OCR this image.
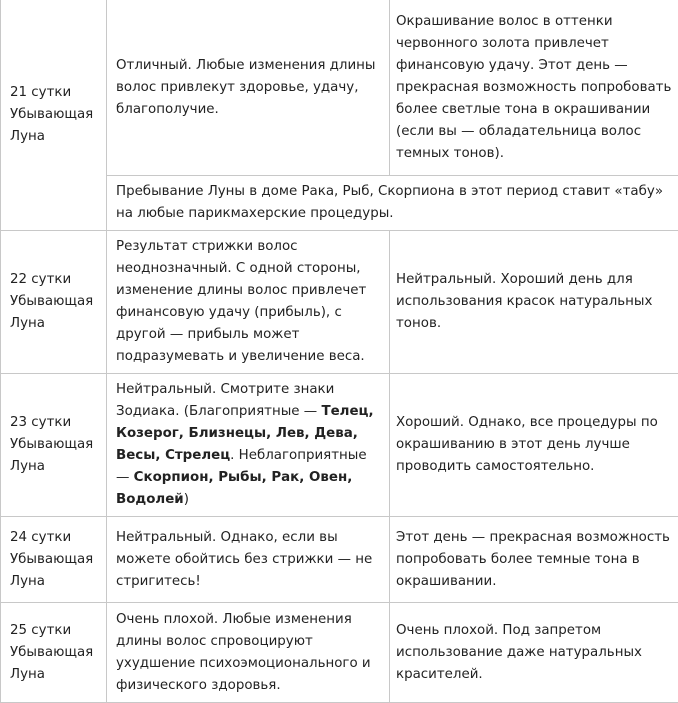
21 сутки
Убывающая
Луна	Отличный. Любые изменения длины волос привлекут здоровье, удачу, благополучие.	Окрашивание волос в оттенки червонного золота привлечет финансовую удачу. Этот день — прекрасная возможность попробовать более светлые тона в окрашивании (если вы — обладательница волос темных тонов).
	Пребывание Луны в доме Рака, Рыб, Скорпиона в этот период ставит «табу» на любые парикмахерские процедуры.	

22 сутки
Убывающая
Луна	Результат стрижки волос неоднозначный. С одной стороны, изменение длины волос привлечет финансовую удачу (прибыль), с другой — прибыль может подразумевать и увеличение веса.	Нейтральный. Хороший день для использования красок натуральных тонов.

23 сутки
Убывающая
Луна	Нейтральный. Смотрите знаки Зодиака. (Благоприятные — Телец, Козерог, Близнецы, Лев, Дева, Весы, Стрелец. Неблагоприятные — Скорпион, Рыбы, Рак, Овен, Водолей)	Хороший. Однако, все процедуры по окрашиванию в этот день лучше проводить самостоятельно.

24 сутки
Убывающая
Луна	Нейтральный. Однако, если вы можете обойтись без стрижки — не стригитесь!	Этот день — прекрасная возможность попробовать более темные тона в окрашивании.

25 сутки
Убывающая
Луна	Очень плохой. Любые изменения длины волос спровоцируют ухудшение психоэмоционального и физического здоровья.	Очень плохой. Под запретом использование даже натуральных красителей.
